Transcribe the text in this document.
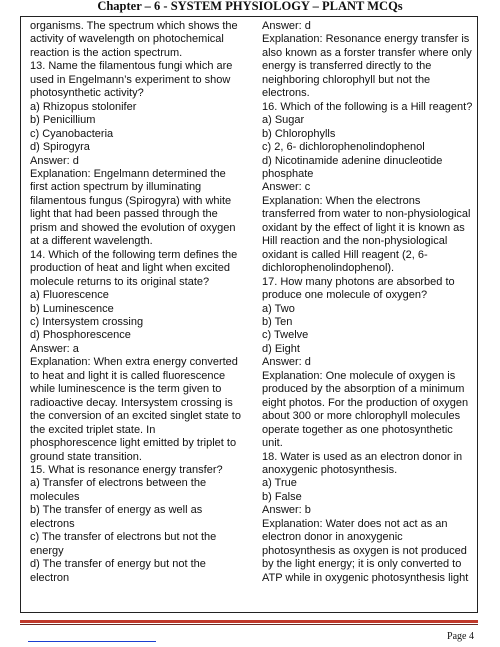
Chapter – 6 - SYSTEM PHYSIOLOGY – PLANT MCQs
organisms. The spectrum which shows the
activity of wavelength on photochemical
reaction is the action spectrum.
13. Name the filamentous fungi which are
used in Engelmann’s experiment to show
photosynthetic activity?
a) Rhizopus stolonifer
b) Penicillium
c) Cyanobacteria
d) Spirogyra
Answer: d
Explanation: Engelmann determined the
first action spectrum by illuminating
filamentous fungus (Spirogyra) with white
light that had been passed through the
prism and showed the evolution of oxygen
at a different wavelength.
14. Which of the following term defines the
production of heat and light when excited
molecule returns to its original state?
a) Fluorescence
b) Luminescence
c) Intersystem crossing
d) Phosphorescence
Answer: a
Explanation: When extra energy converted
to heat and light it is called fluorescence
while luminescence is the term given to
radioactive decay. Intersystem crossing is
the conversion of an excited singlet state to
the excited triplet state. In
phosphorescence light emitted by triplet to
ground state transition.
15. What is resonance energy transfer?
a) Transfer of electrons between the
molecules
b) The transfer of energy as well as
electrons
c) The transfer of electrons but not the
energy
d) The transfer of energy but not the
electron
Answer: d
Explanation: Resonance energy transfer is
also known as a forster transfer where only
energy is transferred directly to the
neighboring chlorophyll but not the
electrons.
16. Which of the following is a Hill reagent?
a) Sugar
b) Chlorophylls
c) 2, 6- dichlorophenolindophenol
d) Nicotinamide adenine dinucleotide
phosphate
Answer: c
Explanation: When the electrons
transferred from water to non-physiological
oxidant by the effect of light it is known as
Hill reaction and the non-physiological
oxidant is called Hill reagent (2, 6-
dichlorophenolindophenol).
17. How many photons are absorbed to
produce one molecule of oxygen?
a) Two
b) Ten
c) Twelve
d) Eight
Answer: d
Explanation: One molecule of oxygen is
produced by the absorption of a minimum
eight photos. For the production of oxygen
about 300 or more chlorophyll molecules
operate together as one photosynthetic
unit.
18. Water is used as an electron donor in
anoxygenic photosynthesis.
a) True
b) False
Answer: b
Explanation: Water does not act as an
electron donor in anoxygenic
photosynthesis as oxygen is not produced
by the light energy; it is only converted to
ATP while in oxygenic photosynthesis light
Page 4
